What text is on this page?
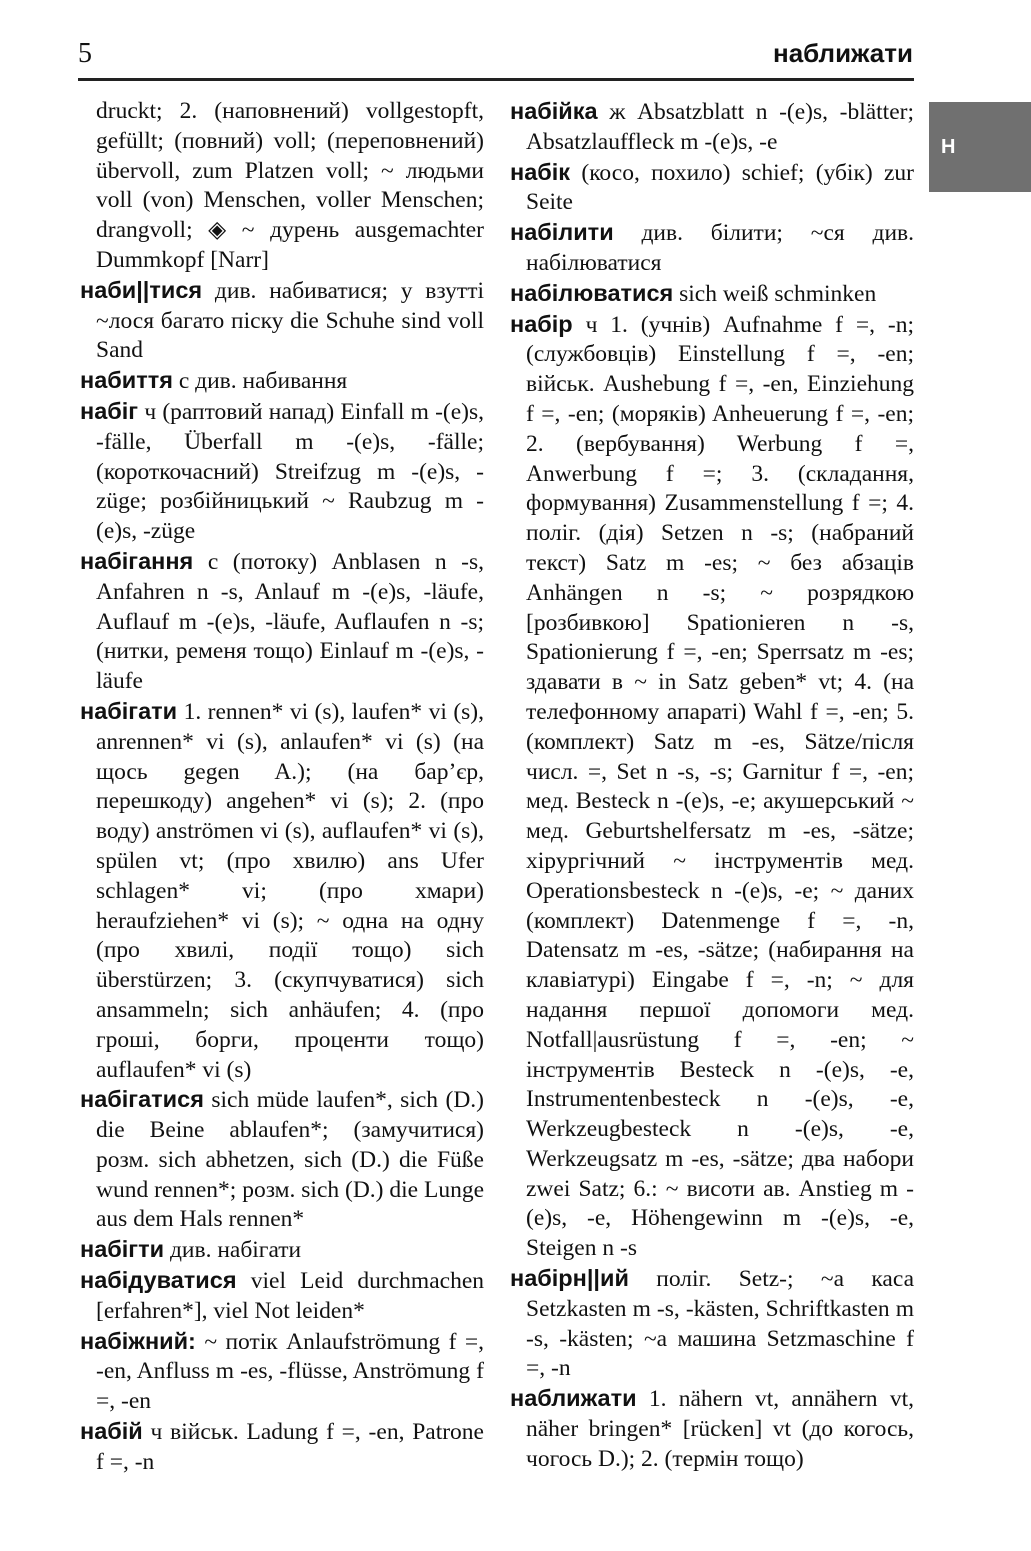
5	наближати
Н

druckt; 2. (наповнений) vollgestopft, gefüllt; (повний) voll; (переповнений) übervoll, zum Platzen voll; ~ людьми voll (von) Menschen, voller Menschen; drangvoll; ◈ ~ дурень ausgemachter Dummkopf [Narr]

наби||тися див. набиватися; у взутті ~лося багато піску die Schuhe sind voll Sand

набиття с див. набивання

набіг ч (раптовий напад) Einfall m -(e)s, -fälle, Überfall m -(e)s, -fälle; (короткочасний) Streifzug m -(e)s, -züge; розбійницький ~ Raubzug m -(e)s, -züge

набігання с (потоку) Anblasen n -s, Anfahren n -s, Anlauf m -(e)s, -läufe, Auflauf m -(e)s, -läufe, Auflaufen n -s; (нитки, ременя тощо) Einlauf m -(e)s, -läufe

набігати 1. rennen* vi (s), laufen* vi (s), anrennen* vi (s), anlaufen* vi (s) (на щось gegen A.); (на бар’єр, перешкоду) angehen* vi (s); 2. (про воду) anströmen vi (s), auflaufen* vi (s), spülen vt; (про хвилю) ans Ufer schlagen* vi; (про хмари) heraufziehen* vi (s); ~ одна на одну (про хвилі, події тощо) sich überstürzen; 3. (скупчуватися) sich ansammeln; sich anhäufen; 4. (про гроші, борги, проценти тощо) auflaufen* vi (s)

набігатися sich müde laufen*, sich (D.) die Beine ablaufen*; (замучитися) розм. sich abhetzen, sich (D.) die Füße wund rennen*; розм. sich (D.) die Lunge aus dem Hals rennen*

набігти див. набігати

набідуватися viel Leid durchmachen [erfahren*], viel Not leiden*

набіжний: ~ потік Anlaufströmung f =, -en, Anfluss m -es, -flüsse, Anströmung f =, -en

набій ч військ. Ladung f =, -en, Patrone f =, -n

набійка ж Absatzblatt n -(e)s, -blätter; Absatzlauffleck m -(e)s, -e

набік (косо, похило) schief; (убік) zur Seite

набілити див. білити; ~ся див. набілюватися

набілюватися sich weiß schminken

набір ч 1. (учнів) Aufnahme f =, -n; (службовців) Einstellung f =, -en; військ. Aushebung f =, -en, Einziehung f =, -en; (моряків) Anheuerung f =, -en; 2. (вербування) Werbung f =, Anwerbung f =; 3. (складання, формування) Zusammenstellung f =; 4. поліг. (дія) Setzen n -s; (набраний текст) Satz m -es; ~ без абзаців Anhängen n -s; ~ розрядкою [розбивкою] Spationieren n -s, Spationierung f =, -en; Sperrsatz m -es; здавати в ~ in Satz geben* vt; 4. (на телефонному апараті) Wahl f =, -en; 5. (комплект) Satz m -es, Sätze/після числ. =, Set n -s, -s; Garnitur f =, -en; мед. Besteck n -(e)s, -e; акушерський ~ мед. Geburtshelfersatz m -es, -sätze; хірургічний ~ інструментів мед. Operationsbesteck n -(e)s, -e; ~ даних (комплект) Datenmenge f =, -n, Datensatz m -es, -sätze; (набирання на клавіатурі) Eingabe f =, -n; ~ для надання першої допомоги мед. Notfall|ausrüstung f =, -en; ~ інструментів Besteck n -(e)s, -e, Instrumentenbesteck n -(e)s, -e, Werkzeugbesteck n -(e)s, -e, Werkzeugsatz m -es, -sätze; два набори zwei Satz; 6.: ~ висоти ав. Anstieg m -(e)s, -e, Höhengewinn m -(e)s, -e, Steigen n -s

набірн||ий поліг. Setz-; ~а каса Setzkasten m -s, -kästen, Schriftkasten m -s, -kästen; ~а машина Setzmaschine f =, -n

наближати 1. nähern vt, annähern vt, näher bringen* [rücken] vt (до когось, чогось D.); 2. (термін тощо)
